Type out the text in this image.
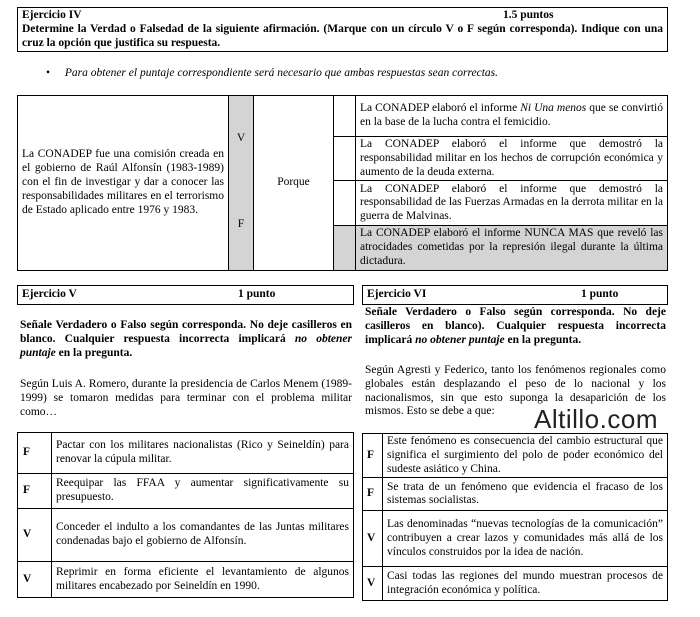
Ejercicio IV	1.5 puntos
Determine la Verdad o Falsedad de la siguiente afirmación. (Marque con un círculo V o F según corresponda). Indique con una cruz la opción que justifica su respuesta.
• Para obtener el puntaje correspondiente será necesario que ambas respuestas sean correctas.
La CONADEP fue una comisión creada en el gobierno de Raúl Alfonsín (1983-1989) con el fin de investigar y dar a conocer las responsabilidades militares en el terrorismo de Estado aplicado entre 1976 y 1983.	V	Porque		La CONADEP elaboró el informe Ni Una menos que se convirtió en la base de la lucha contra el femicidio.
				La CONADEP elaboró el informe que demostró la responsabilidad militar en los hechos de corrupción económica y aumento de la deuda externa.
	F			La CONADEP elaboró el informe que demostró la responsabilidad de las Fuerzas Armadas en la derrota militar en la guerra de Malvinas.
				La CONADEP elaboró el informe NUNCA MAS que reveló las atrocidades cometidas por la represión ilegal durante la última dictadura.
Ejercicio V	1 punto
Señale Verdadero o Falso según corresponda. No deje casilleros en blanco. Cualquier respuesta incorrecta implicará no obtener puntaje en la pregunta.
Según Luis A. Romero, durante la presidencia de Carlos Menem (1989-1999) se tomaron medidas para terminar con el problema militar como…
F	Pactar con los militares nacionalistas (Rico y Seineldín) para renovar la cúpula militar.
F	Reequipar las FFAA y aumentar significativamente su presupuesto.
V	Conceder el indulto a los comandantes de las Juntas militares condenadas bajo el gobierno de Alfonsín.
V	Reprimir en forma eficiente el levantamiento de algunos militares encabezado por Seineldín en 1990.
Ejercicio VI	1 punto
Señale Verdadero o Falso según corresponda. No deje casilleros en blanco). Cualquier respuesta incorrecta implicará no obtener puntaje en la pregunta.
Según Agresti y Federico, tanto los fenómenos regionales como globales están desplazando el peso de lo nacional y los nacionalismos, sin que esto suponga la desaparición de los mismos. Esto se debe a que:	Altillo.com
F	Este fenómeno es consecuencia del cambio estructural que significa el surgimiento del polo de poder económico del sudeste asiático y China.
F	Se trata de un fenómeno que evidencia el fracaso de los sistemas socialistas.
V	Las denominadas “nuevas tecnologías de la comunicación” contribuyen a crear lazos y comunidades más allá de los vínculos construidos por la idea de nación.
V	Casi todas las regiones del mundo muestran procesos de integración económica y política.
